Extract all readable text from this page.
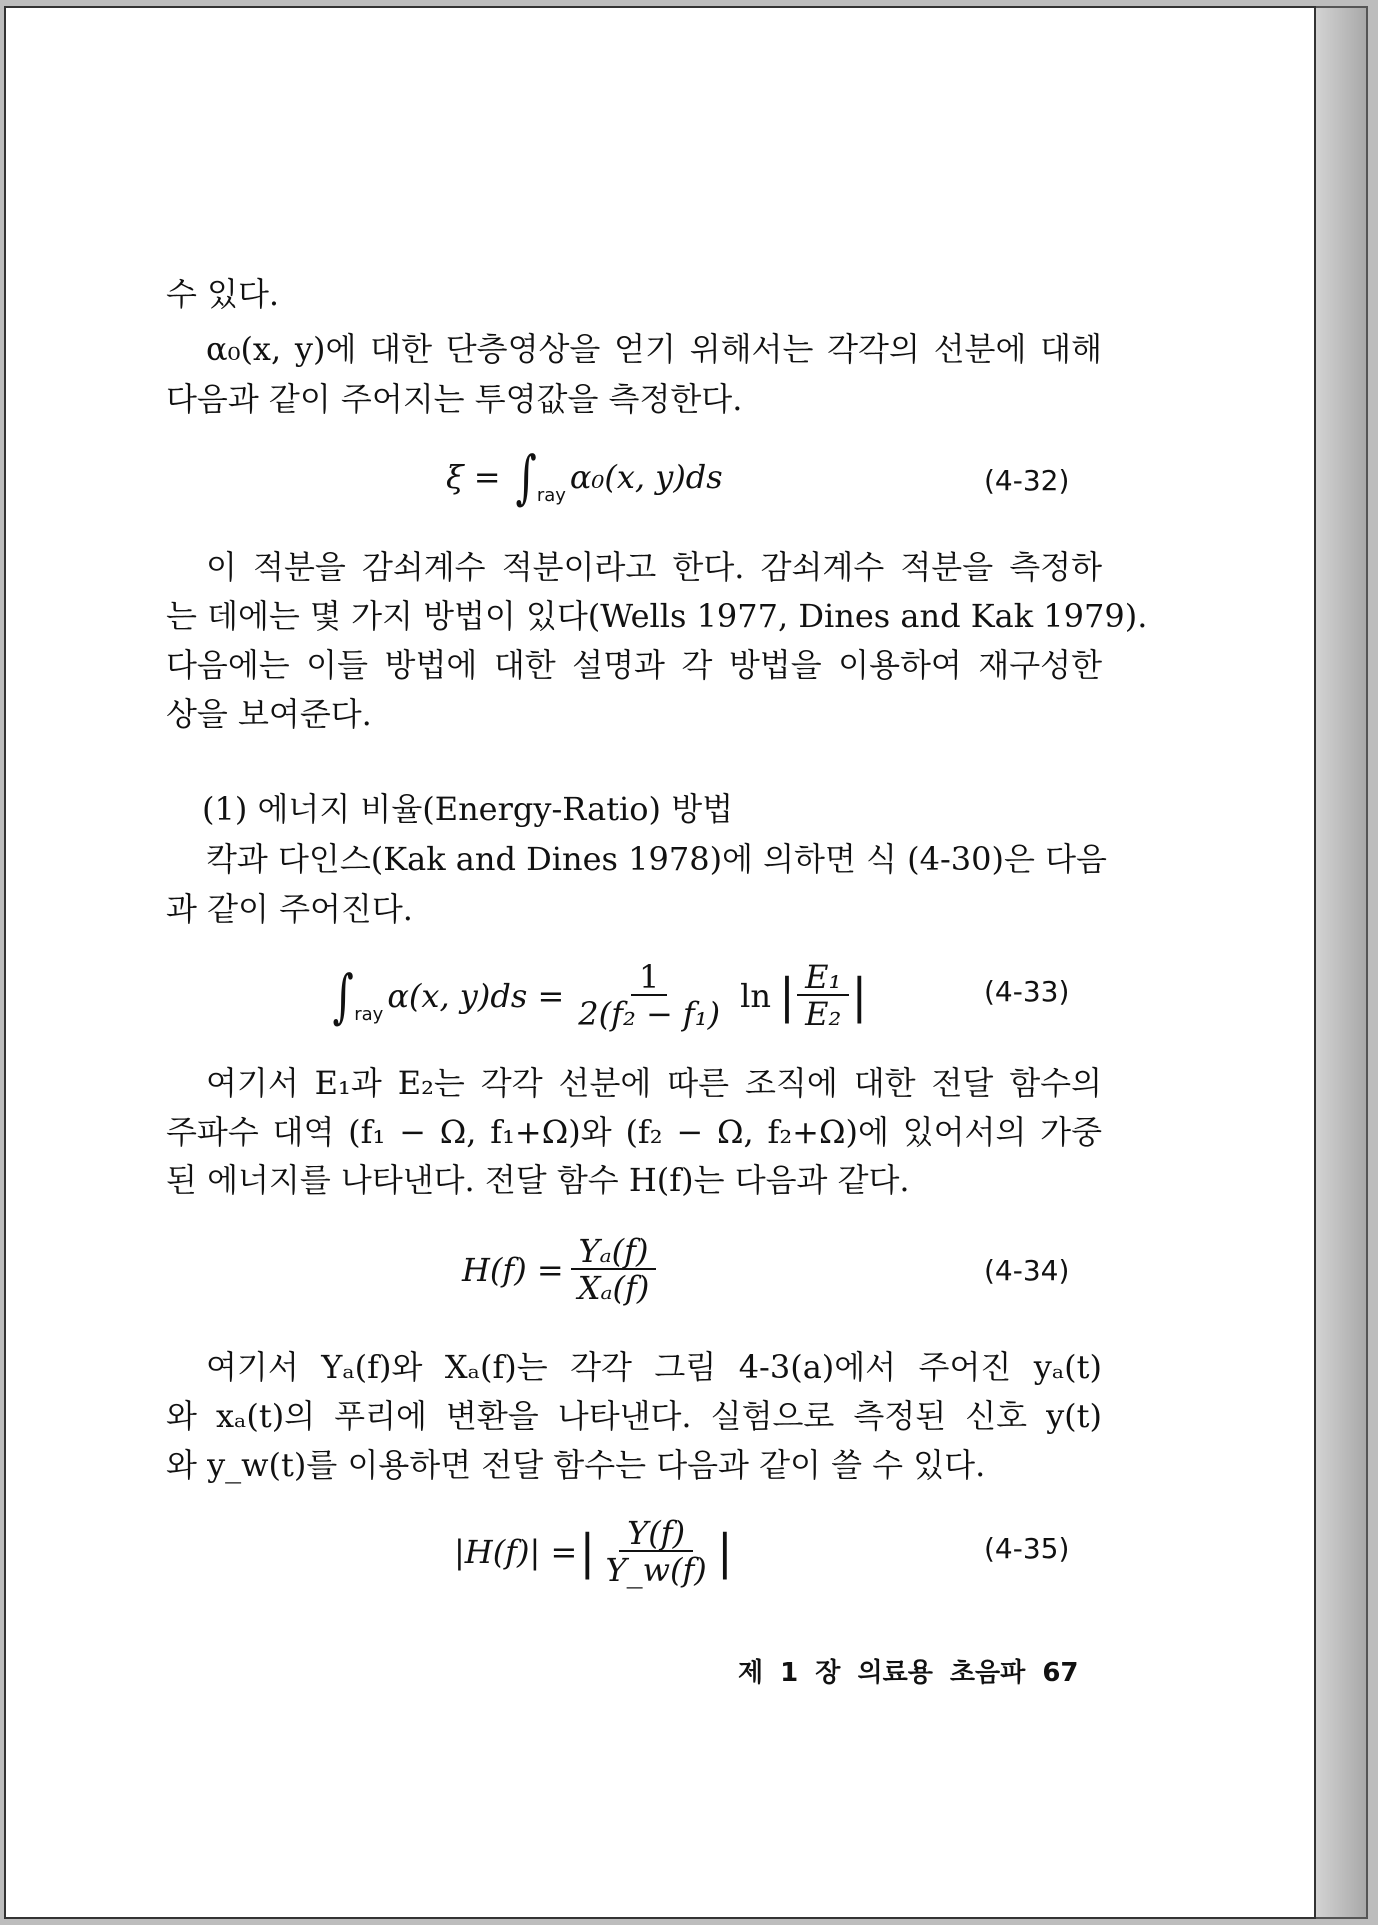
수 있다.
α₀(x, y)에 대한 단층영상을 얻기 위해서는 각각의 선분에 대해
다음과 같이 주어지는 투영값을 측정한다.
ξ = ∫ ray α₀(x, y)ds	(4-32)
이 적분을 감쇠계수 적분이라고 한다. 감쇠계수 적분을 측정하
는 데에는 몇 가지 방법이 있다(Wells 1977, Dines and Kak 1979).
다음에는 이들 방법에 대한 설명과 각 방법을 이용하여 재구성한
상을 보여준다.
(1) 에너지 비율(Energy-Ratio) 방법
칵과 다인스(Kak and Dines 1978)에 의하면 식 (4-30)은 다음
과 같이 주어진다.
∫ ray α(x, $y)ds = \frac{1}{\text{2(f₂ − f₁)}}$ ln | $\frac{\text{E₁}}{\text{E₂}}$ |	(4-33)
여기서 E₁과 E₂는 각각 선분에 따른 조직에 대한 전달 함수의
주파수 대역 (f₁ − Ω, f₁+Ω)와 (f₂ − Ω, f₂+Ω)에 있어서의 가중
된 에너지를 나타낸다. 전달 함수 H(f)는 다음과 같다.
$H(f) = \frac{\text{Yₐ(f)}}{\text{Xₐ(f)}}$	(4-34)
여기서 Yₐ(f)와 Xₐ(f)는 각각 그림 4-3(a)에서 주어진 yₐ(t)
와 xₐ(t)의 푸리에 변환을 나타낸다. 실험으로 측정된 신호 y(t)
와 y_w(t)를 이용하면 전달 함수는 다음과 같이 쓸 수 있다.
|H(f)| = | $\frac{Y(f)}{Y\_w(f)}$ |	(4-35)
제 1 장 의료용 초음파 67
